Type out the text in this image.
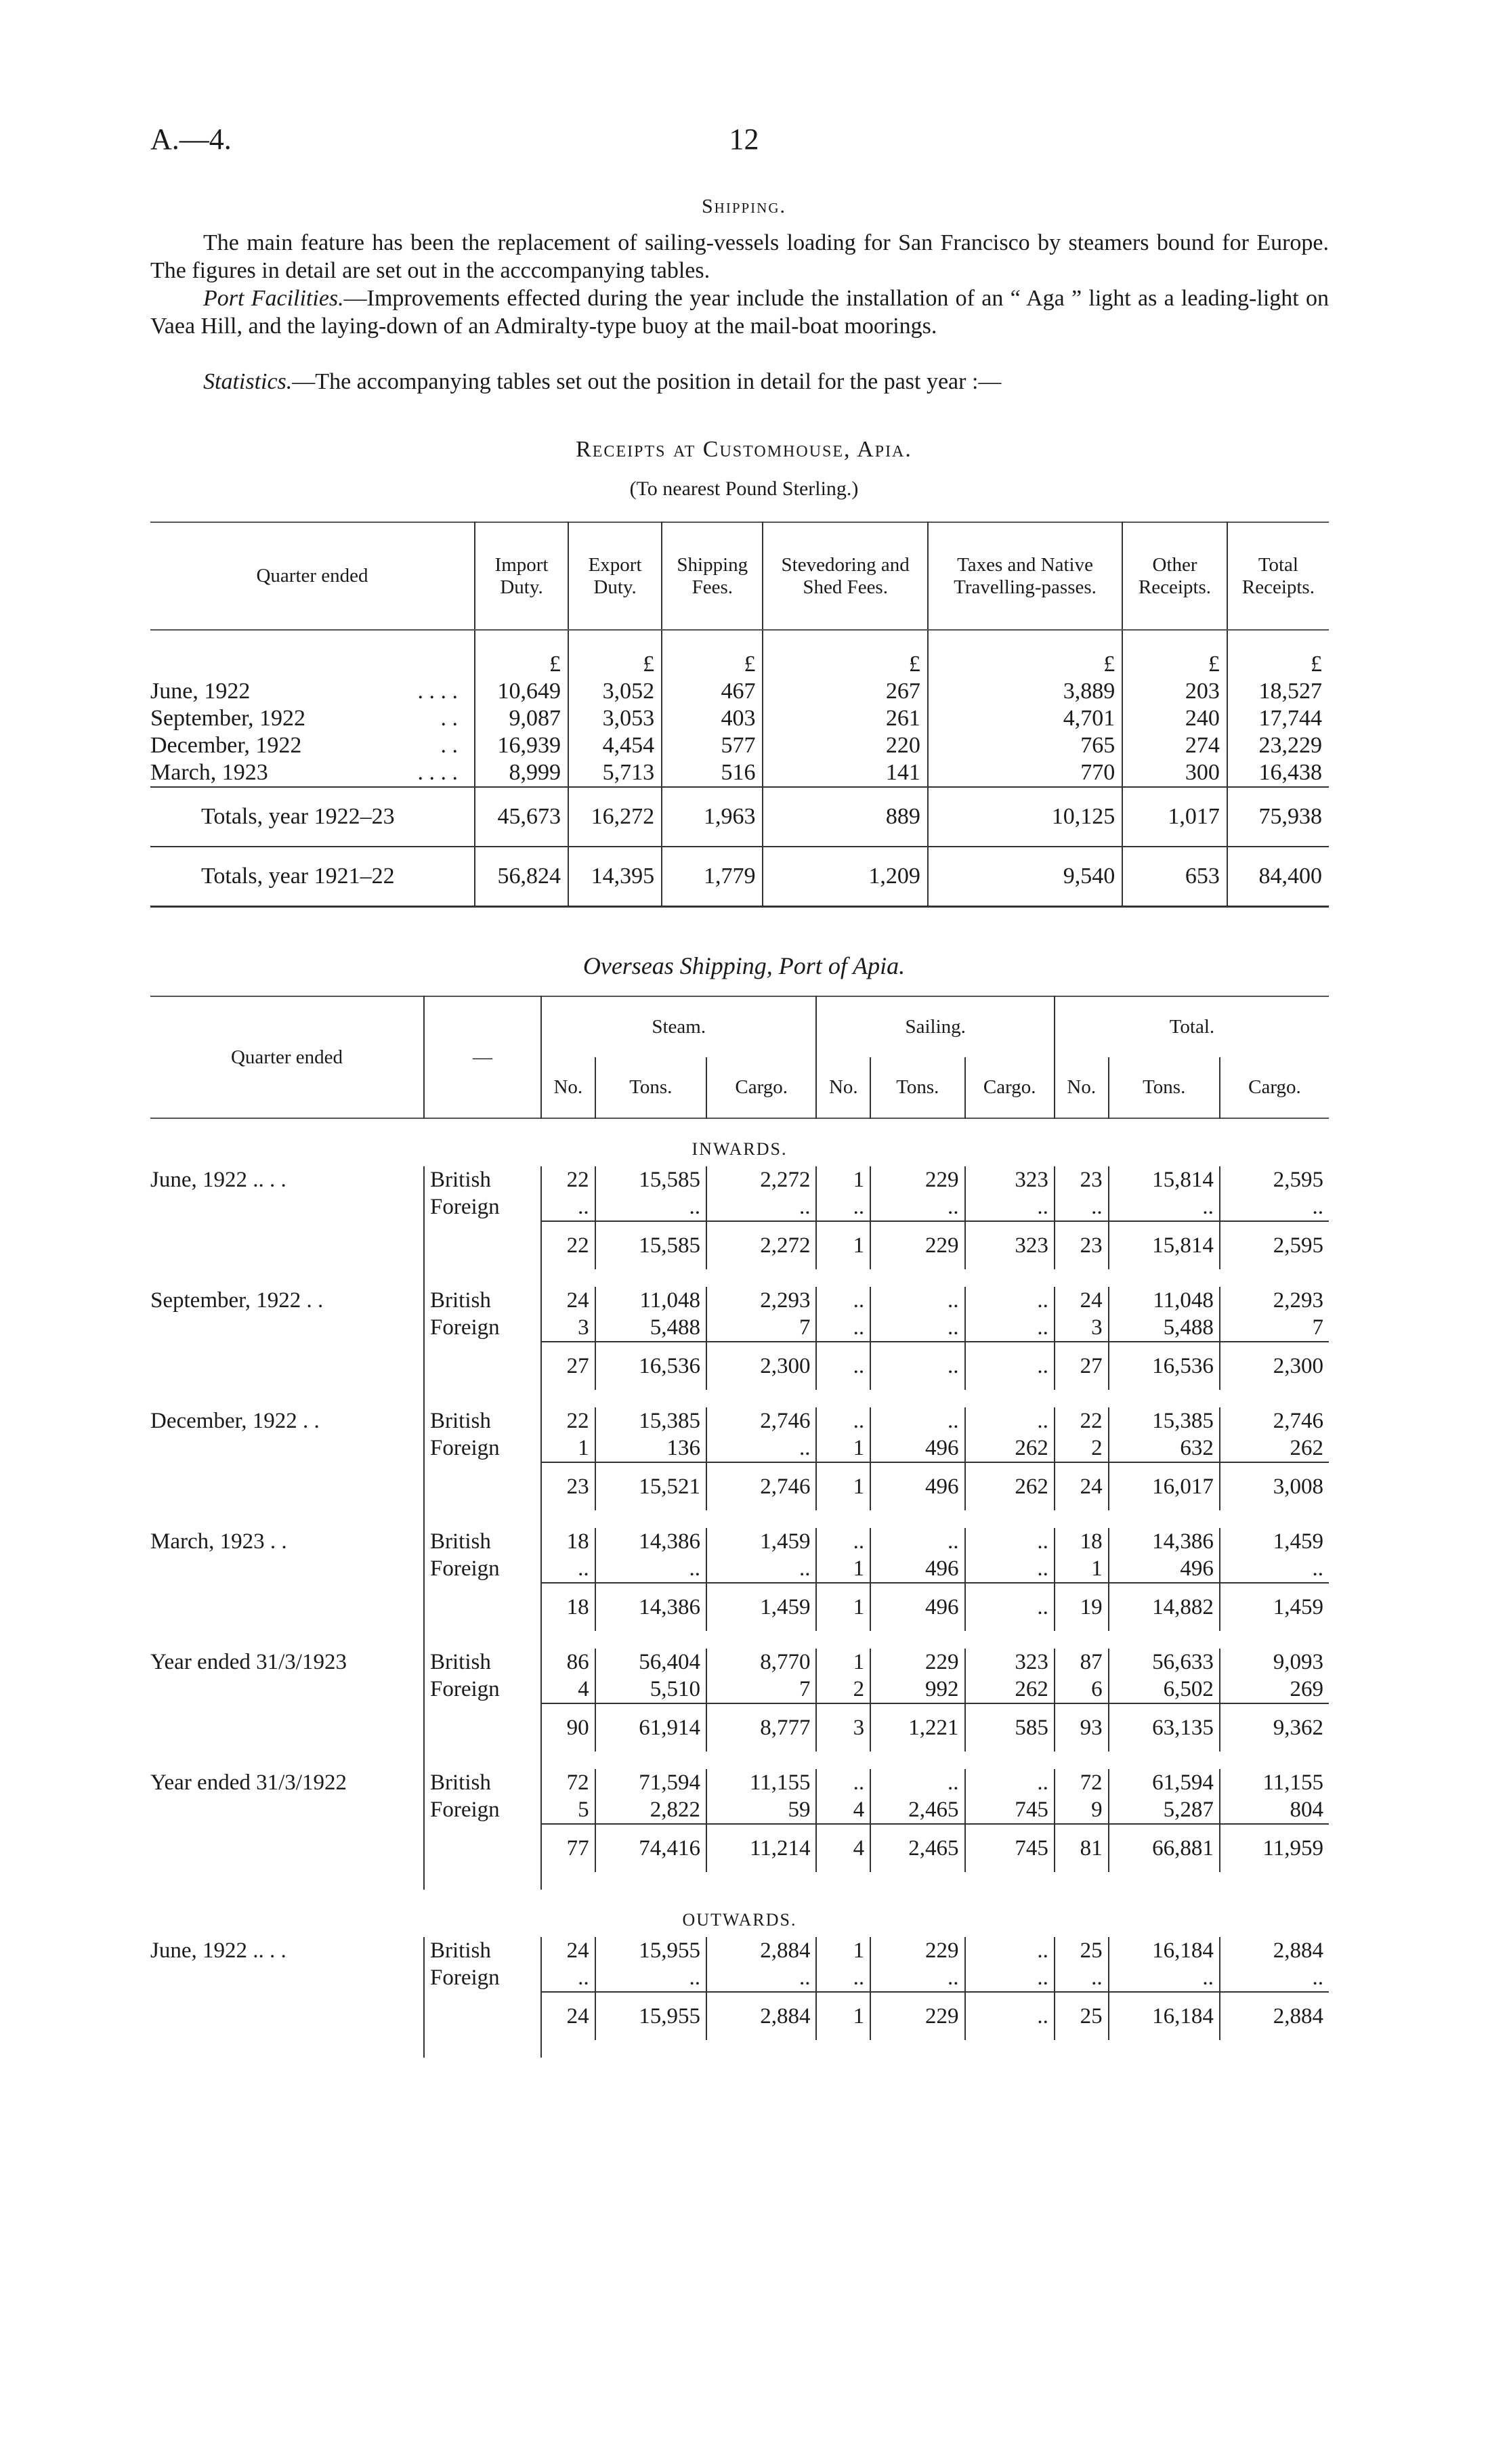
A.—4.	12
Shipping.
The main feature has been the replacement of sailing-vessels loading for San Francisco by steamers bound for Europe. The figures in detail are set out in the acccompanying tables.
Port Facilities.—Improvements effected during the year include the installation of an “ Aga ” light as a leading-light on Vaea Hill, and the laying-down of an Admiralty-type buoy at the mail-boat moorings.
Statistics.—The accompanying tables set out the position in detail for the past year :—
Receipts at Customhouse, Apia.
(To nearest Pound Sterling.)
Quarter ended	Import Duty.	Export Duty.	Shipping Fees.	Stevedoring and Shed Fees.	Taxes and Native Travelling-passes.	Other Receipts.	Total Receipts.
	£	£	£	£	£	£	£
June, 1922 . . . .	10,649	3,052	467	267	3,889	203	18,527
September, 1922 . .	9,087	3,053	403	261	4,701	240	17,744
December, 1922 . .	16,939	4,454	577	220	765	274	23,229
March, 1923 . . . .	8,999	5,713	516	141	770	300	16,438
Totals, year 1922–23	45,673	16,272	1,963	889	10,125	1,017	75,938
Totals, year 1921–22	56,824	14,395	1,779	1,209	9,540	653	84,400
Overseas Shipping, Port of Apia.
Quarter ended	—	Steam.			Sailing.			Total.		
		No.	Tons.	Cargo.	No.	Tons.	Cargo.	No.	Tons.	Cargo.
INWARDS.										
June, 1922 .. . .	British	22	15,585	2,272	1	229	323	23	15,814	2,595
	Foreign	..	..	..	..	..	..	..	..	..
		22	15,585	2,272	1	229	323	23	15,814	2,595

September, 1922 . .	British	24	11,048	2,293	..	..	..	24	11,048	2,293
	Foreign	3	5,488	7	..	..	..	3	5,488	7
		27	16,536	2,300	..	..	..	27	16,536	2,300

December, 1922 . .	British	22	15,385	2,746	..	..	..	22	15,385	2,746
	Foreign	1	136	..	1	496	262	2	632	262
		23	15,521	2,746	1	496	262	24	16,017	3,008

March, 1923 . .	British	18	14,386	1,459	..	..	..	18	14,386	1,459
	Foreign	..	..	..	1	496	..	1	496	..
		18	14,386	1,459	1	496	..	19	14,882	1,459

Year ended 31/3/1923	British	86	56,404	8,770	1	229	323	87	56,633	9,093
	Foreign	4	5,510	7	2	992	262	6	6,502	269
		90	61,914	8,777	3	1,221	585	93	63,135	9,362

Year ended 31/3/1922	British	72	71,594	11,155	..	..	..	72	61,594	11,155
	Foreign	5	2,822	59	4	2,465	745	9	5,287	804
		77	74,416	11,214	4	2,465	745	81	66,881	11,959

OUTWARDS.										
June, 1922 .. . .	British	24	15,955	2,884	1	229	..	25	16,184	2,884
	Foreign	..	..	..	..	..	..	..	..	..
		24	15,955	2,884	1	229	..	25	16,184	2,884
